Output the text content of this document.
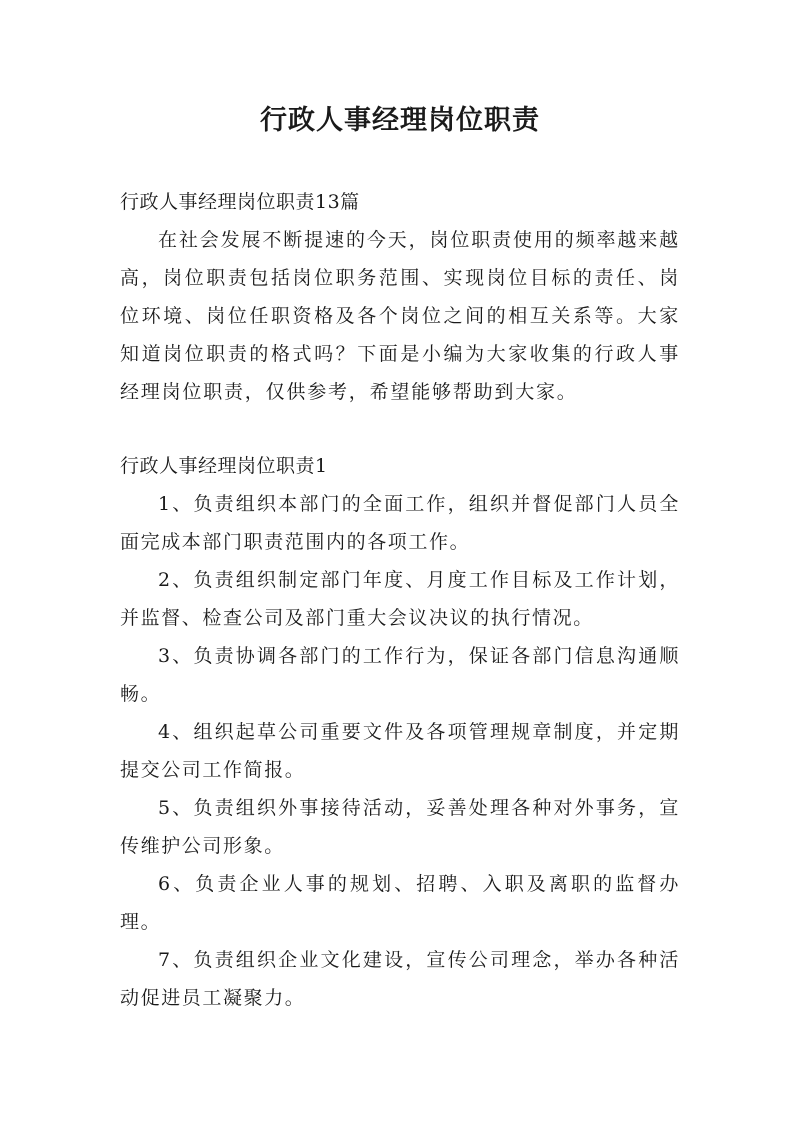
行政人事经理岗位职责

行政人事经理岗位职责13篇

在社会发展不断提速的今天，岗位职责使用的频率越来越高，岗位职责包括岗位职务范围、实现岗位目标的责任、岗位环境、岗位任职资格及各个岗位之间的相互关系等。大家知道岗位职责的格式吗？下面是小编为大家收集的行政人事经理岗位职责，仅供参考，希望能够帮助到大家。

行政人事经理岗位职责1

1、负责组织本部门的全面工作，组织并督促部门人员全面完成本部门职责范围内的各项工作。

2、负责组织制定部门年度、月度工作目标及工作计划，并监督、检查公司及部门重大会议决议的执行情况。

3、负责协调各部门的工作行为，保证各部门信息沟通顺畅。

4、组织起草公司重要文件及各项管理规章制度，并定期提交公司工作简报。

5、负责组织外事接待活动，妥善处理各种对外事务，宣传维护公司形象。

6、负责企业人事的规划、招聘、入职及离职的监督办理。

7、负责组织企业文化建设，宣传公司理念，举办各种活动促进员工凝聚力。
